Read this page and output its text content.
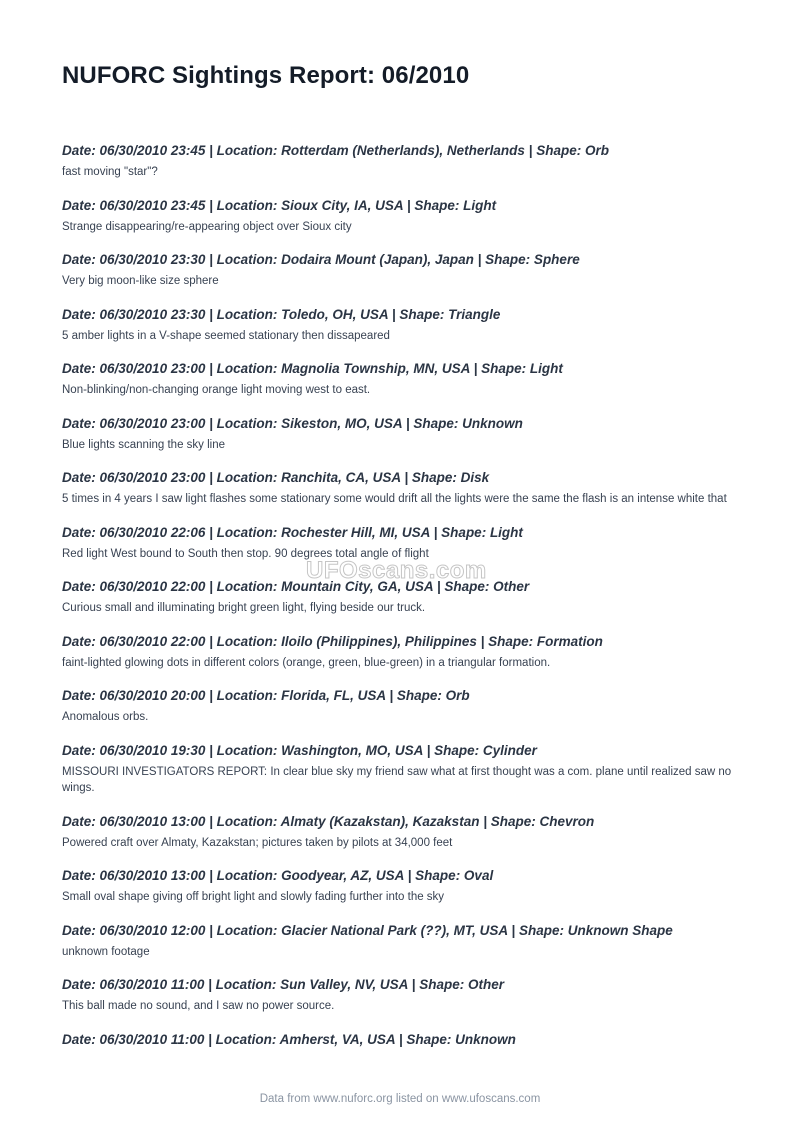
NUFORC Sightings Report: 06/2010
Date: 06/30/2010 23:45 | Location: Rotterdam (Netherlands), Netherlands | Shape: Orb
fast moving "star"?
Date: 06/30/2010 23:45 | Location: Sioux City, IA, USA | Shape: Light
Strange disappearing/re-appearing object over Sioux city
Date: 06/30/2010 23:30 | Location: Dodaira Mount (Japan), Japan | Shape: Sphere
Very big moon-like size sphere
Date: 06/30/2010 23:30 | Location: Toledo, OH, USA | Shape: Triangle
5 amber lights in a V-shape seemed stationary then dissapeared
Date: 06/30/2010 23:00 | Location: Magnolia Township, MN, USA | Shape: Light
Non-blinking/non-changing orange light moving west to east.
Date: 06/30/2010 23:00 | Location: Sikeston, MO, USA | Shape: Unknown
Blue lights scanning the sky line
Date: 06/30/2010 23:00 | Location: Ranchita, CA, USA | Shape: Disk
5 times in 4 years I saw light flashes some stationary some would drift all the lights were the same the flash is an intense white that
Date: 06/30/2010 22:06 | Location: Rochester Hill, MI, USA | Shape: Light
Red light West bound to South then stop. 90 degrees total angle of flight
Date: 06/30/2010 22:00 | Location: Mountain City, GA, USA | Shape: Other
Curious small and illuminating bright green light, flying beside our truck.
Date: 06/30/2010 22:00 | Location: Iloilo (Philippines), Philippines | Shape: Formation
faint-lighted glowing dots in different colors (orange, green, blue-green) in a triangular formation.
Date: 06/30/2010 20:00 | Location: Florida, FL, USA | Shape: Orb
Anomalous orbs.
Date: 06/30/2010 19:30 | Location: Washington, MO, USA | Shape: Cylinder
MISSOURI INVESTIGATORS REPORT: In clear blue sky my friend saw what at first thought was a com. plane until realized saw no wings.
Date: 06/30/2010 13:00 | Location: Almaty (Kazakstan), Kazakstan | Shape: Chevron
Powered craft over Almaty, Kazakstan; pictures taken by pilots at 34,000 feet
Date: 06/30/2010 13:00 | Location: Goodyear, AZ, USA | Shape: Oval
Small oval shape giving off bright light and slowly fading further into the sky
Date: 06/30/2010 12:00 | Location: Glacier National Park (??), MT, USA | Shape: Unknown Shape
unknown footage
Date: 06/30/2010 11:00 | Location: Sun Valley, NV, USA | Shape: Other
This ball made no sound, and I saw no power source.
Date: 06/30/2010 11:00 | Location: Amherst, VA, USA | Shape: Unknown
UFOscans.com
Data from www.nuforc.org listed on www.ufoscans.com
